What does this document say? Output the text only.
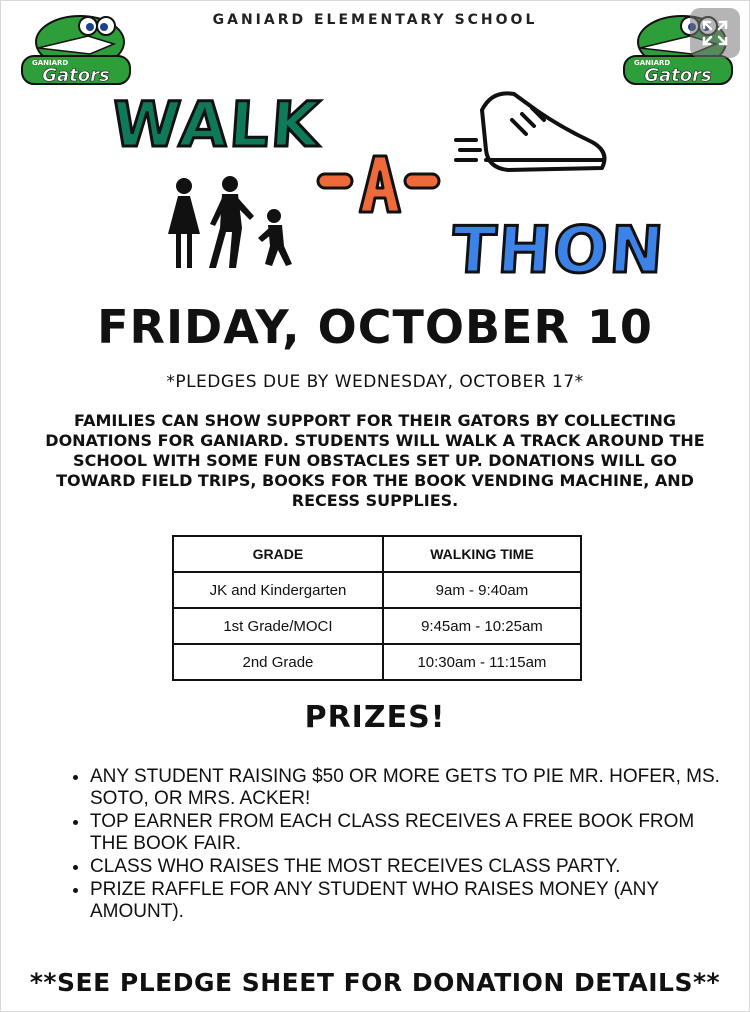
GANIARD
Gators
GANIARD
Gators
GANIARD ELEMENTARY SCHOOL
WALK
THON
FRIDAY, OCTOBER 10
*PLEDGES DUE BY WEDNESDAY, OCTOBER 17*
FAMILIES CAN SHOW SUPPORT FOR THEIR GATORS BY COLLECTING DONATIONS FOR GANIARD. STUDENTS WILL WALK A TRACK AROUND THE SCHOOL WITH SOME FUN OBSTACLES SET UP. DONATIONS WILL GO TOWARD FIELD TRIPS, BOOKS FOR THE BOOK VENDING MACHINE, AND RECESS SUPPLIES.
GRADE	WALKING TIME
JK and Kindergarten	9am - 9:40am
1st Grade/MOCI	9:45am - 10:25am
2nd Grade	10:30am - 11:15am
PRIZES!
• ANY STUDENT RAISING $50 OR MORE GETS TO PIE MR. HOFER, MS. SOTO, OR MRS. ACKER!
• TOP EARNER FROM EACH CLASS RECEIVES A FREE BOOK FROM THE BOOK FAIR.
• CLASS WHO RAISES THE MOST RECEIVES CLASS PARTY.
• PRIZE RAFFLE FOR ANY STUDENT WHO RAISES MONEY (ANY AMOUNT).
**SEE PLEDGE SHEET FOR DONATION DETAILS**
